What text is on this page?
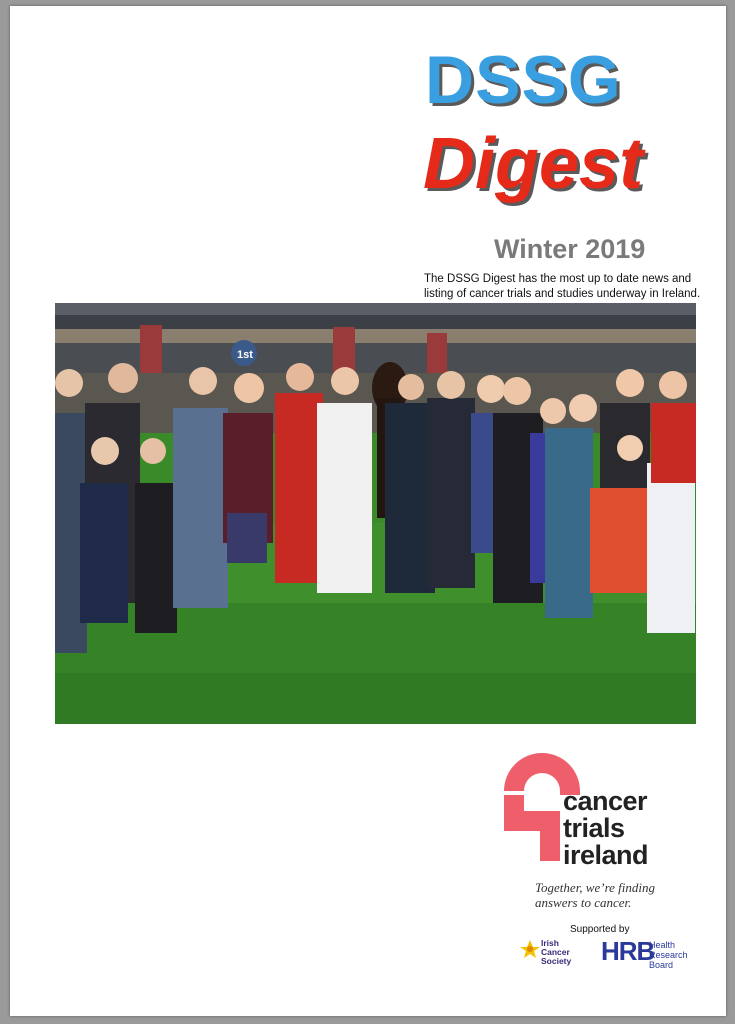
DSSG
Digest
Winter 2019
The DSSG Digest has the most up to date news and listing of cancer trials and studies underway in Ireland.
1st
cancer
trials
ireland
Together, we’re finding
answers to cancer.
Supported by
Irish
Cancer
Society HRB
Health
Research
Board
